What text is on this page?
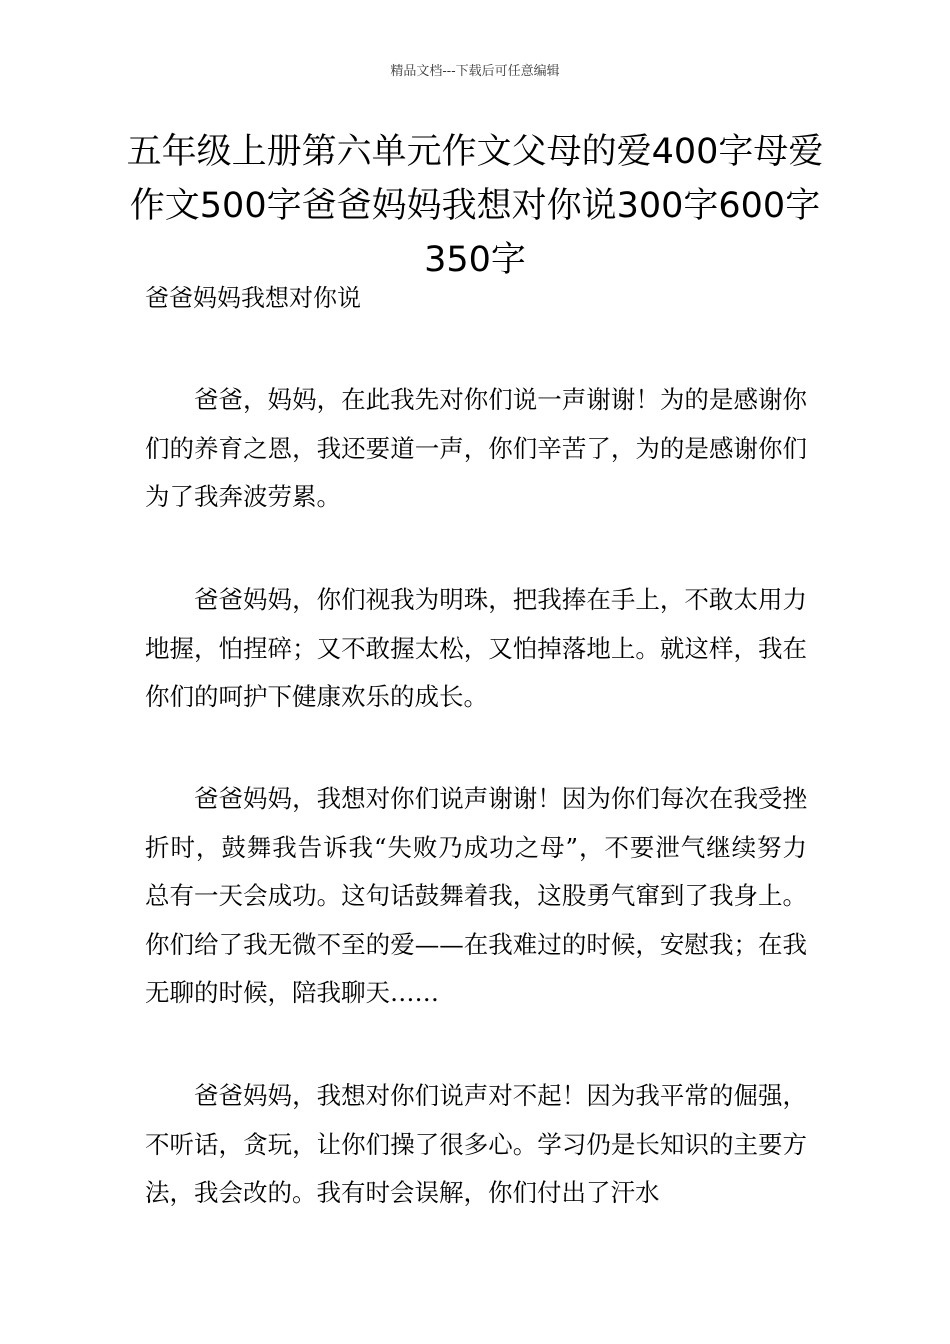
精品文档---下载后可任意编辑
五年级上册第六单元作文父母的爱400字母爱作文500字爸爸妈妈我想对你说300字600字350字
爸爸妈妈我想对你说

爸爸，妈妈，在此我先对你们说一声谢谢！为的是感谢你们的养育之恩，我还要道一声，你们辛苦了，为的是感谢你们为了我奔波劳累。

爸爸妈妈，你们视我为明珠，把我捧在手上，不敢太用力地握，怕捏碎；又不敢握太松，又怕掉落地上。就这样，我在你们的呵护下健康欢乐的成长。

爸爸妈妈，我想对你们说声谢谢！因为你们每次在我受挫折时，鼓舞我告诉我“失败乃成功之母”，不要泄气继续努力总有一天会成功。这句话鼓舞着我，这股勇气窜到了我身上。你们给了我无微不至的爱——在我难过的时候，安慰我；在我无聊的时候，陪我聊天……

爸爸妈妈，我想对你们说声对不起！因为我平常的倔强，不听话，贪玩，让你们操了很多心。学习仍是长知识的主要方法，我会改的。我有时会误解，你们付出了汗水
